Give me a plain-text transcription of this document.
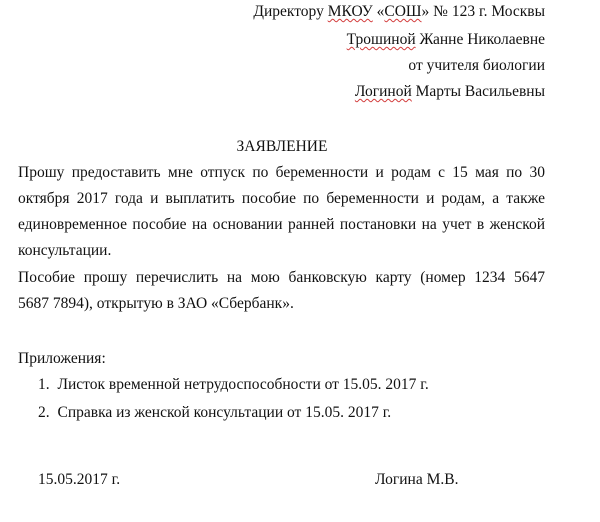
Директору МКОУ «СОШ» № 123 г. Москвы
Трошиной Жанне Николаевне
от учителя биологии
Логиной Марты Васильевны
ЗАЯВЛЕНИЕ
Прошу предоставить мне отпуск по беременности и родам с 15 мая по 30
октября 2017 года и выплатить пособие по беременности и родам, а также
единовременное пособие на основании ранней постановки на учет в женской
консультации.
Пособие прошу перечислить на мою банковскую карту (номер 1234 5647
5687 7894), открытую в ЗАО «Сбербанк».
Приложения:
1. Листок временной нетрудоспособности от 15.05. 2017 г.
2. Справка из женской консультации от 15.05. 2017 г.
15.05.2017 г.	Логина М.В.
